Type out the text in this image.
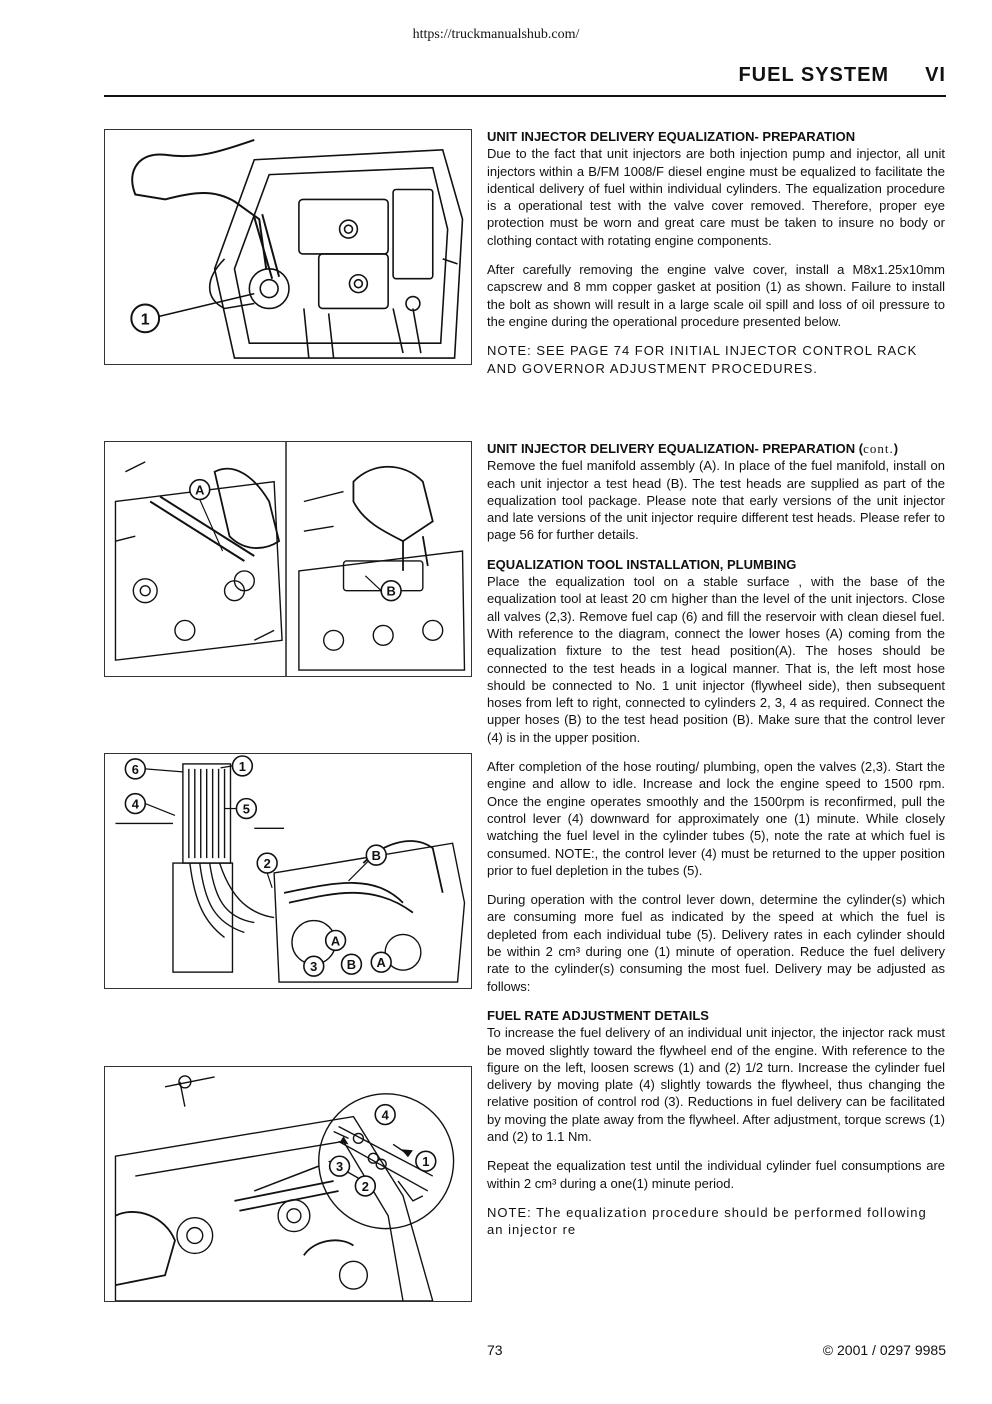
https://truckmanualshub.com/
FUEL SYSTEM VI
1
A
B
6	1
4	5
2
B
A
3 B A
4
3
2
1
UNIT INJECTOR DELIVERY EQUALIZATION- PREPARATION

Due to the fact that unit injectors are both injection pump and injector, all unit injectors within a B/FM 1008/F diesel engine must be equalized to facilitate the identical delivery of fuel within individual cylinders. The equalization procedure is a operational test with the valve cover removed. Therefore, proper eye protection must be worn and great care must be taken to insure no body or clothing contact with rotating engine components.

After carefully removing the engine valve cover, install a M8x1.25x10mm capscrew and 8 mm copper gasket at position (1) as shown. Failure to install the bolt as shown will result in a large scale oil spill and loss of oil pressure to the engine during the operational procedure presented below.

NOTE: SEE PAGE 74 FOR INITIAL INJECTOR CONTROL RACK AND GOVERNOR ADJUSTMENT PROCEDURES.

UNIT INJECTOR DELIVERY EQUALIZATION- PREPARATION (cont.)

Remove the fuel manifold assembly (A). In place of the fuel manifold, install on each unit injector a test head (B). The test heads are supplied as part of the equalization tool package. Please note that early versions of the unit injector and late versions of the unit injector require different test heads. Please refer to page 56 for further details.

EQUALIZATION TOOL INSTALLATION, PLUMBING

Place the equalization tool on a stable surface , with the base of the equalization tool at least 20 cm higher than the level of the unit injectors. Close all valves (2,3). Remove fuel cap (6) and fill the reservoir with clean diesel fuel. With reference to the diagram, connect the lower hoses (A) coming from the equalization fixture to the test head position(A). The hoses should be connected to the test heads in a logical manner. That is, the left most hose should be connected to No. 1 unit injector (flywheel side), then subsequent hoses from left to right, connected to cylinders 2, 3, 4 as required. Connect the upper hoses (B) to the test head position (B). Make sure that the control lever (4) is in the upper position.

After completion of the hose routing/ plumbing, open the valves (2,3). Start the engine and allow to idle. Increase and lock the engine speed to 1500 rpm. Once the engine operates smoothly and the 1500rpm is reconfirmed, pull the control lever (4) downward for approximately one (1) minute. While closely watching the fuel level in the cylinder tubes (5), note the rate at which fuel is consumed. NOTE:, the control lever (4) must be returned to the upper position prior to fuel depletion in the tubes (5).

During operation with the control lever down, determine the cylinder(s) which are consuming more fuel as indicated by the speed at which the fuel is depleted from each individual tube (5). Delivery rates in each cylinder should be within 2 cm³ during one (1) minute of operation. Reduce the fuel delivery rate to the cylinder(s) consuming the most fuel. Delivery may be adjusted as follows:

FUEL RATE ADJUSTMENT DETAILS

To increase the fuel delivery of an individual unit injector, the injector rack must be moved slightly toward the flywheel end of the engine. With reference to the figure on the left, loosen screws (1) and (2) 1/2 turn. Increase the cylinder fuel delivery by moving plate (4) slightly towards the flywheel, thus changing the relative position of control rod (3). Reductions in fuel delivery can be facilitated by moving the plate away from the flywheel. After adjustment, torque screws (1) and (2) to 1.1 Nm.

Repeat the equalization test until the individual cylinder fuel consumptions are within 2 cm³ during a one(1) minute period.

NOTE: The equalization procedure should be performed following an injector re

73	© 2001 / 0297 9985
